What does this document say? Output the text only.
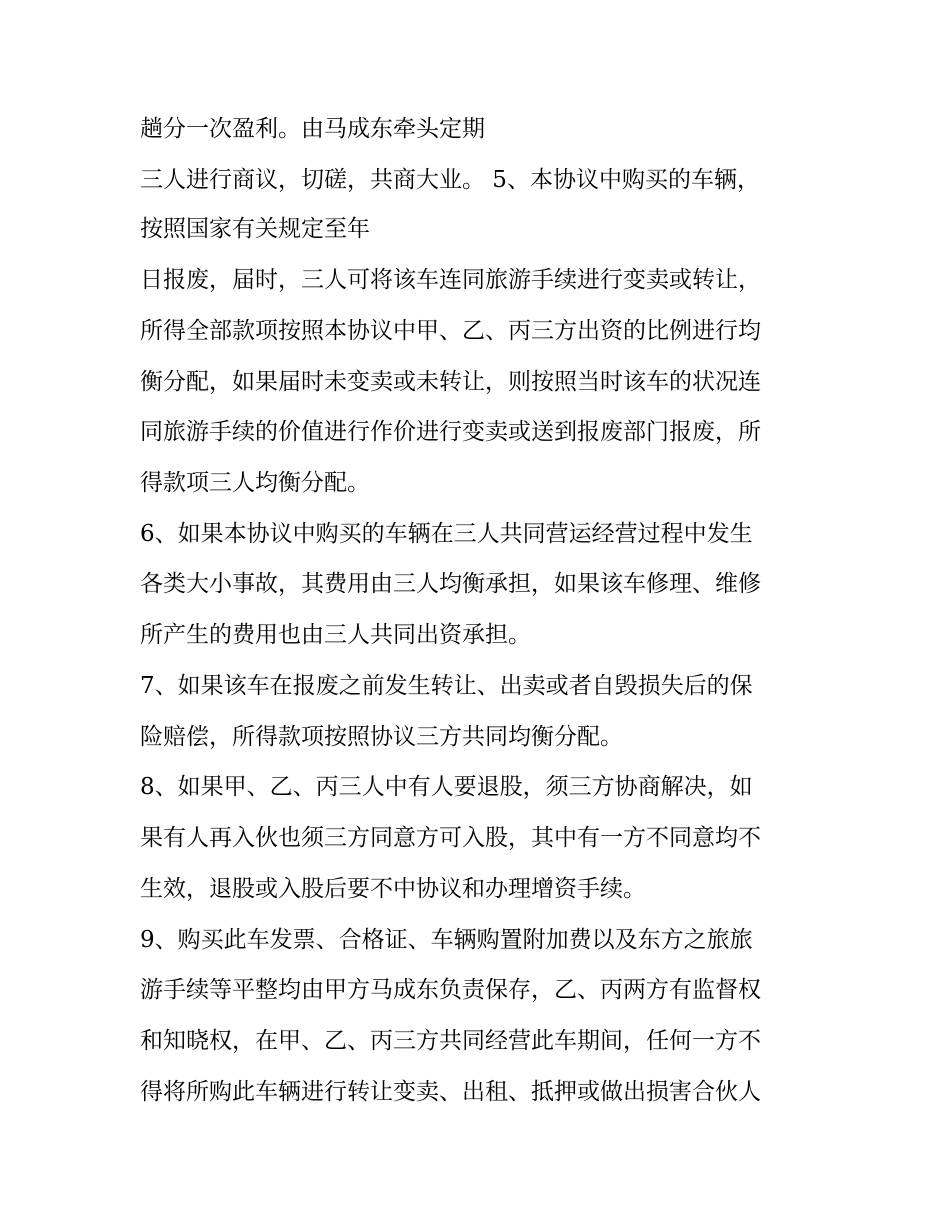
趟分一次盈利。由马成东牵头定期
三人进行商议，切磋，共商大业。 5、本协议中购买的车辆，
按照国家有关规定至年
日报废，届时，三人可将该车连同旅游手续进行变卖或转让，
所得全部款项按照本协议中甲、乙、丙三方出资的比例进行均
衡分配，如果届时未变卖或未转让，则按照当时该车的状况连
同旅游手续的价值进行作价进行变卖或送到报废部门报废，所
得款项三人均衡分配。
6、如果本协议中购买的车辆在三人共同营运经营过程中发生
各类大小事故，其费用由三人均衡承担，如果该车修理、维修
所产生的费用也由三人共同出资承担。
7、如果该车在报废之前发生转让、出卖或者自毁损失后的保
险赔偿，所得款项按照协议三方共同均衡分配。
8、如果甲、乙、丙三人中有人要退股，须三方协商解决，如
果有人再入伙也须三方同意方可入股，其中有一方不同意均不
生效，退股或入股后要不中协议和办理增资手续。
9、购买此车发票、合格证、车辆购置附加费以及东方之旅旅
游手续等平整均由甲方马成东负责保存，乙、丙两方有监督权
和知晓权，在甲、乙、丙三方共同经营此车期间，任何一方不
得将所购此车辆进行转让变卖、出租、抵押或做出损害合伙人
